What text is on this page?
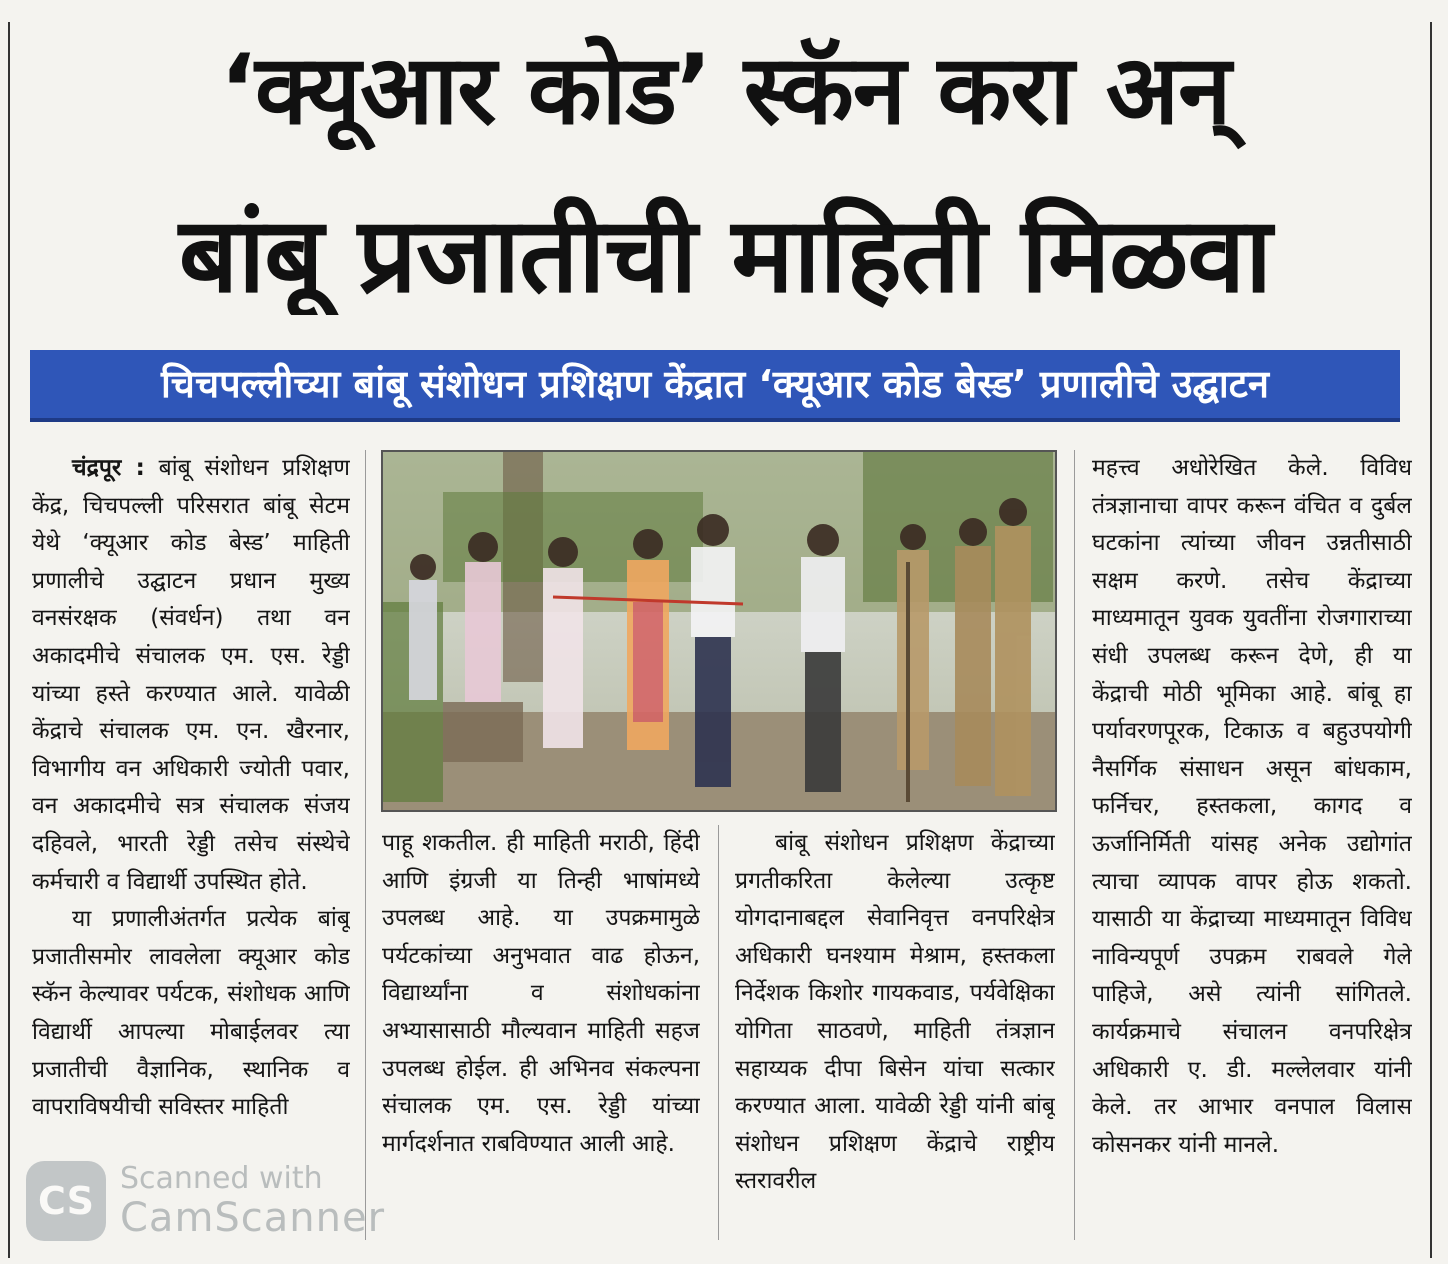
‘क्यूआर कोड’ स्कॅन करा अन्
बांबू प्रजातीची माहिती मिळवा
चिचपल्लीच्या बांबू संशोधन प्रशिक्षण केंद्रात ‘क्यूआर कोड बेस्ड’ प्रणालीचे उद्घाटन

चंद्रपूर : बांबू संशोधन प्रशिक्षण केंद्र, चिचपल्ली परिसरात बांबू सेटम येथे ‘क्यूआर कोड बेस्ड’ माहिती प्रणालीचे उद्घाटन प्रधान मुख्य वनसंरक्षक (संवर्धन) तथा वन अकादमीचे संचालक एम. एस. रेड्डी यांच्या हस्ते करण्यात आले. यावेळी केंद्राचे संचालक एम. एन. खैरनार, विभागीय वन अधिकारी ज्योती पवार, वन अकादमीचे सत्र संचालक संजय दहिवले, भारती रेड्डी तसेच संस्थेचे कर्मचारी व विद्यार्थी उपस्थित होते.

या प्रणालीअंतर्गत प्रत्येक बांबू प्रजातीसमोर लावलेला क्यूआर कोड स्कॅन केल्यावर पर्यटक, संशोधक आणि विद्यार्थी आपल्या मोबाईलवर त्या प्रजातीची वैज्ञानिक, स्थानिक व वापराविषयीची सविस्तर माहिती

पाहू शकतील. ही माहिती मराठी, हिंदी आणि इंग्रजी या तिन्ही भाषांमध्ये उपलब्ध आहे. या उपक्रमामुळे पर्यटकांच्या अनुभवात वाढ होऊन, विद्यार्थ्यांना व संशोधकांना अभ्यासासाठी मौल्यवान माहिती सहज उपलब्ध होईल. ही अभिनव संकल्पना संचालक एम. एस. रेड्डी यांच्या मार्गदर्शनात राबविण्यात आली आहे.

बांबू संशोधन प्रशिक्षण केंद्राच्या प्रगतीकरिता केलेल्या उत्कृष्ट योगदानाबद्दल सेवानिवृत्त वनपरिक्षेत्र अधिकारी घनश्याम मेश्राम, हस्तकला निर्देशक किशोर गायकवाड, पर्यवेक्षिका योगिता साठवणे, माहिती तंत्रज्ञान सहाय्यक दीपा बिसेन यांचा सत्कार करण्यात आला. यावेळी रेड्डी यांनी बांबू संशोधन प्रशिक्षण केंद्राचे राष्ट्रीय स्तरावरील

महत्त्व अधोरेखित केले. विविध तंत्रज्ञानाचा वापर करून वंचित व दुर्बल घटकांना त्यांच्या जीवन उन्नतीसाठी सक्षम करणे. तसेच केंद्राच्या माध्यमातून युवक युवतींना रोजगाराच्या संधी उपलब्ध करून देणे, ही या केंद्राची मोठी भूमिका आहे. बांबू हा पर्यावरणपूरक, टिकाऊ व बहुउपयोगी नैसर्गिक संसाधन असून बांधकाम, फर्निचर, हस्तकला, कागद व ऊर्जानिर्मिती यांसह अनेक उद्योगांत त्याचा व्यापक वापर होऊ शकतो. यासाठी या केंद्राच्या माध्यमातून विविध नाविन्यपूर्ण उपक्रम राबवले गेले पाहिजे, असे त्यांनी सांगितले. कार्यक्रमाचे संचालन वनपरिक्षेत्र अधिकारी ए. डी. मल्लेलवार यांनी केले. तर आभार वनपाल विलास कोसनकर यांनी मानले.

CS
Scanned with
CamScanner
